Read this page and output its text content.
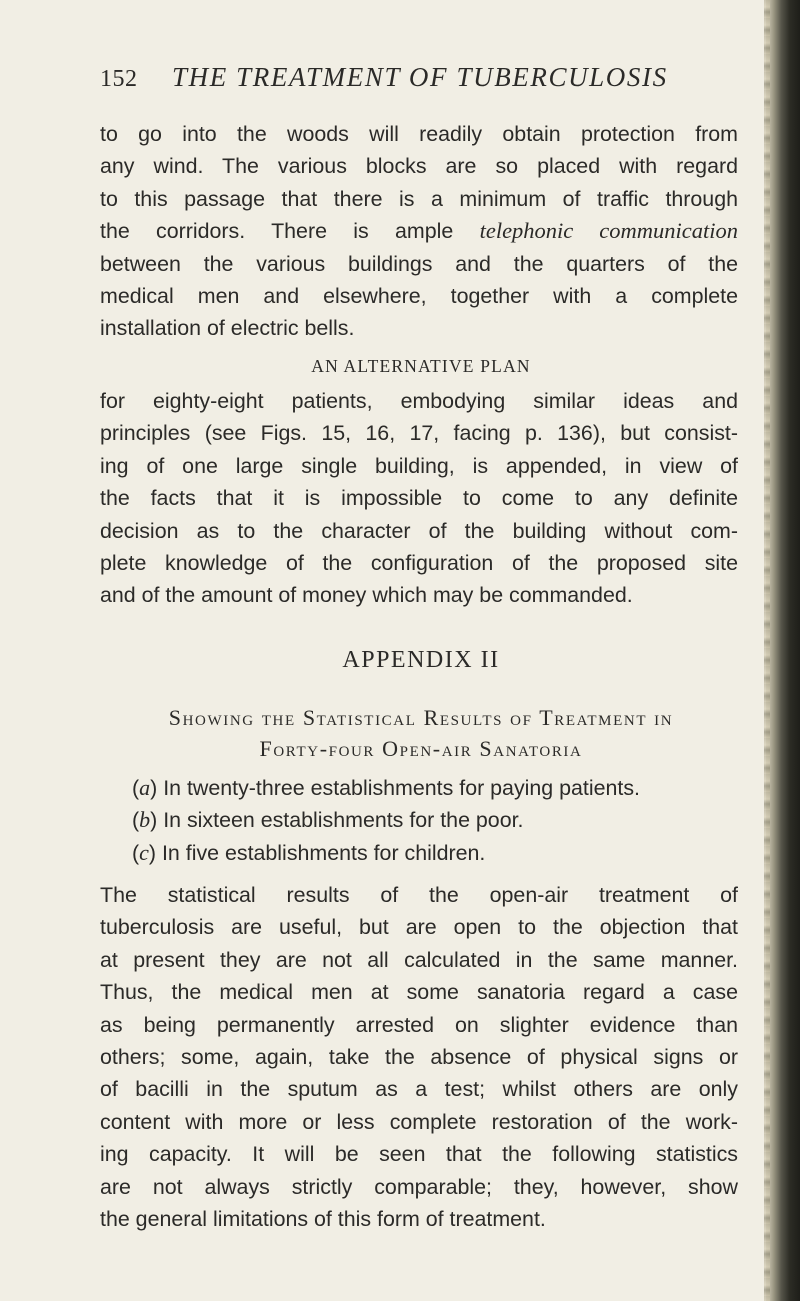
152 THE TREATMENT OF TUBERCULOSIS
to go into the woods will readily obtain protection from
any wind. The various blocks are so placed with regard
to this passage that there is a minimum of traffic through
the corridors. There is ample telephonic communication
between the various buildings and the quarters of the
medical men and elsewhere, together with a complete
installation of electric bells.
AN ALTERNATIVE PLAN
for eighty-eight patients, embodying similar ideas and
principles (see Figs. 15, 16, 17, facing p. 136), but consist-
ing of one large single building, is appended, in view of
the facts that it is impossible to come to any definite
decision as to the character of the building without com-
plete knowledge of the configuration of the proposed site
and of the amount of money which may be commanded.
APPENDIX II
Showing the Statistical Results of Treatment in
Forty-four Open-air Sanatoria
(a) In twenty-three establishments for paying patients.
(b) In sixteen establishments for the poor.
(c) In five establishments for children.
The statistical results of the open-air treatment of
tuberculosis are useful, but are open to the objection that
at present they are not all calculated in the same manner.
Thus, the medical men at some sanatoria regard a case
as being permanently arrested on slighter evidence than
others; some, again, take the absence of physical signs or
of bacilli in the sputum as a test; whilst others are only
content with more or less complete restoration of the work-
ing capacity. It will be seen that the following statistics
are not always strictly comparable; they, however, show
the general limitations of this form of treatment.
